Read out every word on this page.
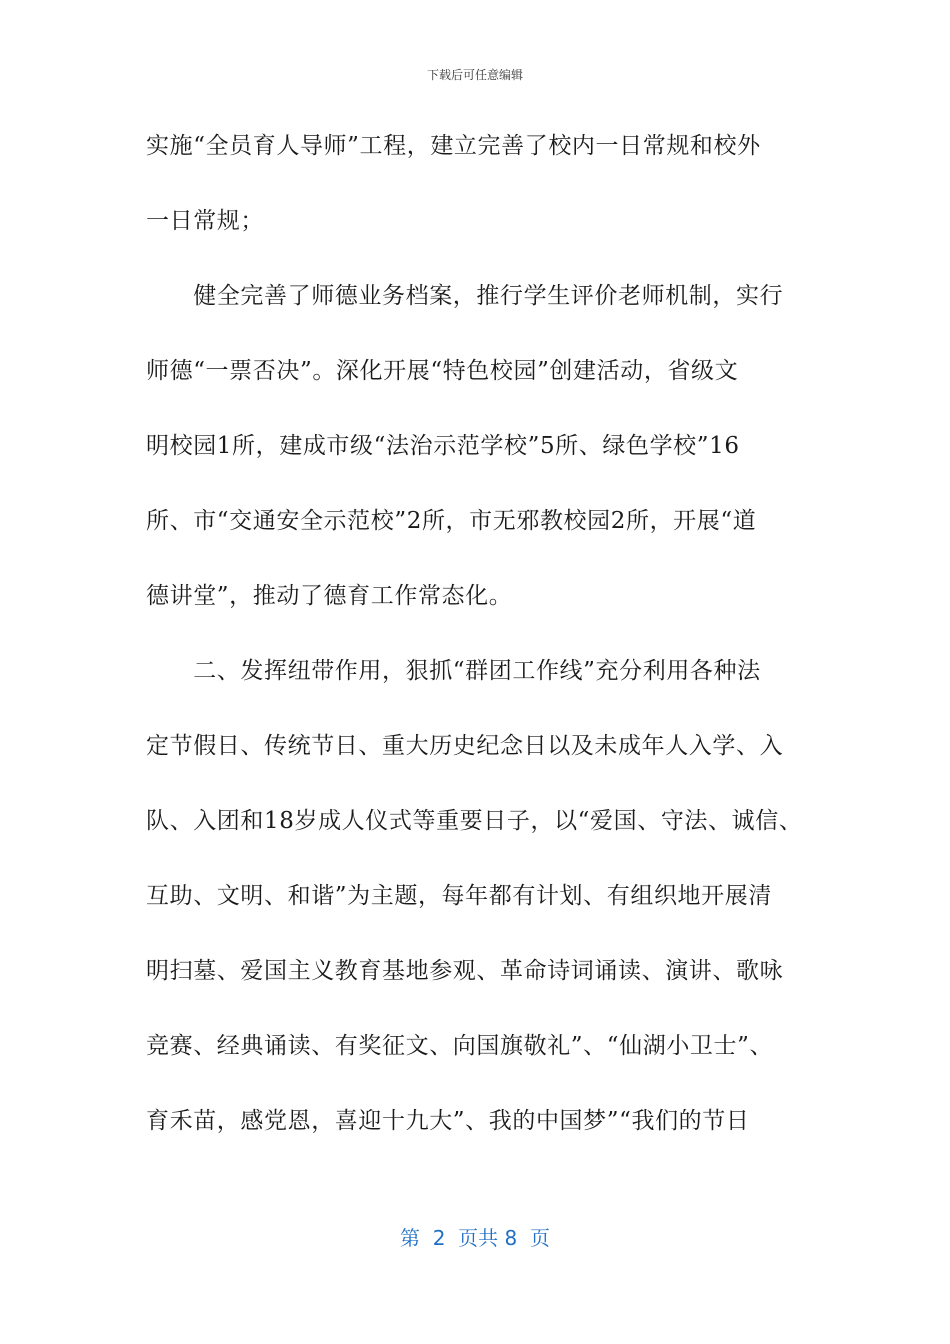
下载后可任意编辑
实施“全员育人导师”工程，建立完善了校内一日常规和校外
一日常规；
　　健全完善了师德业务档案，推行学生评价老师机制，实行
师德“一票否决”。深化开展“特色校园”创建活动，省级文
明校园1所，建成市级“法治示范学校”5所、绿色学校”16
所、市“交通安全示范校”2所，市无邪教校园2所，开展“道
德讲堂”，推动了德育工作常态化。
　　二、发挥纽带作用，狠抓“群团工作线”充分利用各种法
定节假日、传统节日、重大历史纪念日以及未成年人入学、入
队、入团和18岁成人仪式等重要日子，以“爱国、守法、诚信、
互助、文明、和谐”为主题，每年都有计划、有组织地开展清
明扫墓、爱国主义教育基地参观、革命诗词诵读、演讲、歌咏
竞赛、经典诵读、有奖征文、向国旗敬礼”、“仙湖小卫士”、
育禾苗，感党恩，喜迎十九大”、我的中国梦”“我们的节日
第  2  页共 8  页
